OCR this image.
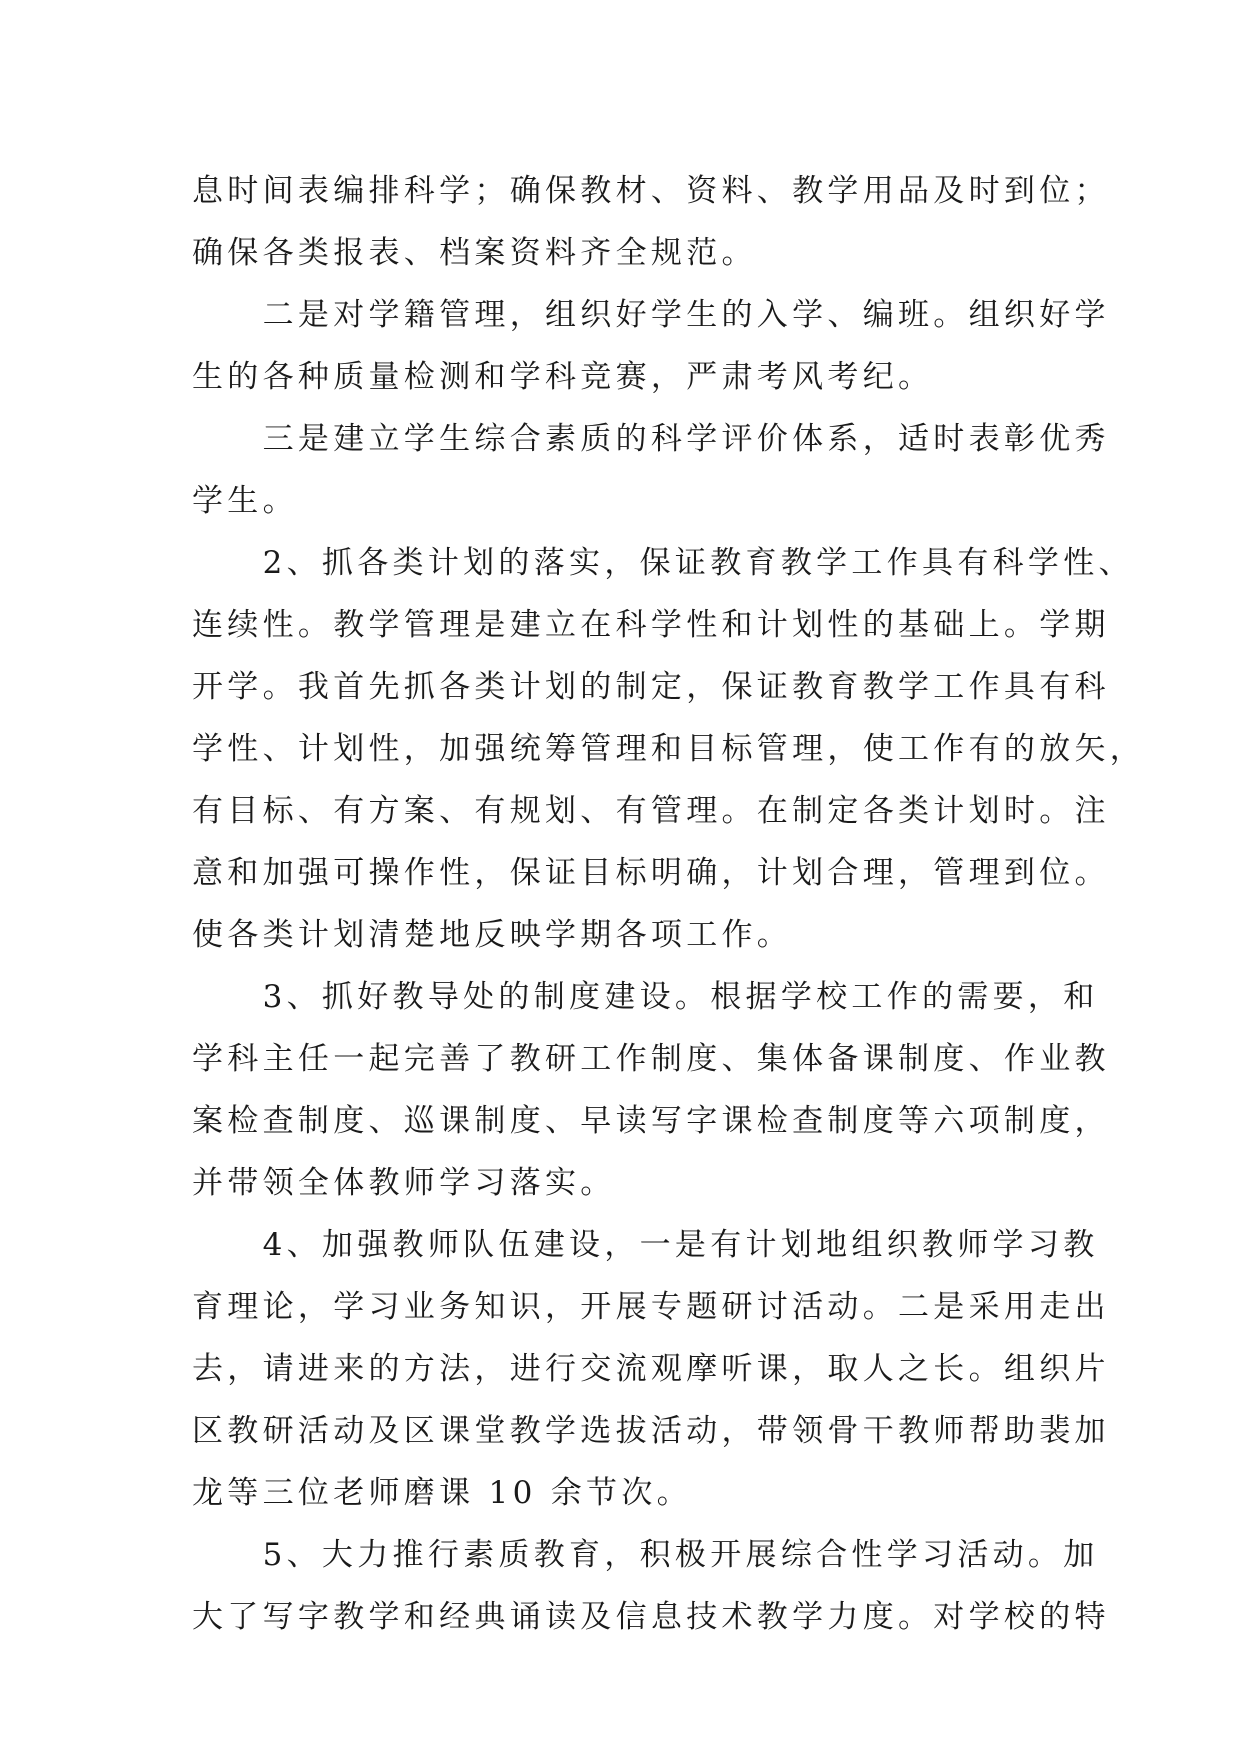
息时间表编排科学；确保教材、资料、教学用品及时到位；
确保各类报表、档案资料齐全规范。
　　二是对学籍管理，组织好学生的入学、编班。组织好学
生的各种质量检测和学科竞赛，严肃考风考纪。
　　三是建立学生综合素质的科学评价体系，适时表彰优秀
学生。
　　2、抓各类计划的落实，保证教育教学工作具有科学性、
连续性。教学管理是建立在科学性和计划性的基础上。学期
开学。我首先抓各类计划的制定，保证教育教学工作具有科
学性、计划性，加强统筹管理和目标管理，使工作有的放矢，
有目标、有方案、有规划、有管理。在制定各类计划时。注
意和加强可操作性，保证目标明确，计划合理，管理到位。
使各类计划清楚地反映学期各项工作。
　　3、抓好教导处的制度建设。根据学校工作的需要，和
学科主任一起完善了教研工作制度、集体备课制度、作业教
案检查制度、巡课制度、早读写字课检查制度等六项制度，
并带领全体教师学习落实。
　　4、加强教师队伍建设，一是有计划地组织教师学习教
育理论，学习业务知识，开展专题研讨活动。二是采用走出
去，请进来的方法，进行交流观摩听课，取人之长。组织片
区教研活动及区课堂教学选拔活动，带领骨干教师帮助裴加
龙等三位老师磨课 10 余节次。
　　5、大力推行素质教育，积极开展综合性学习活动。加
大了写字教学和经典诵读及信息技术教学力度。对学校的特
